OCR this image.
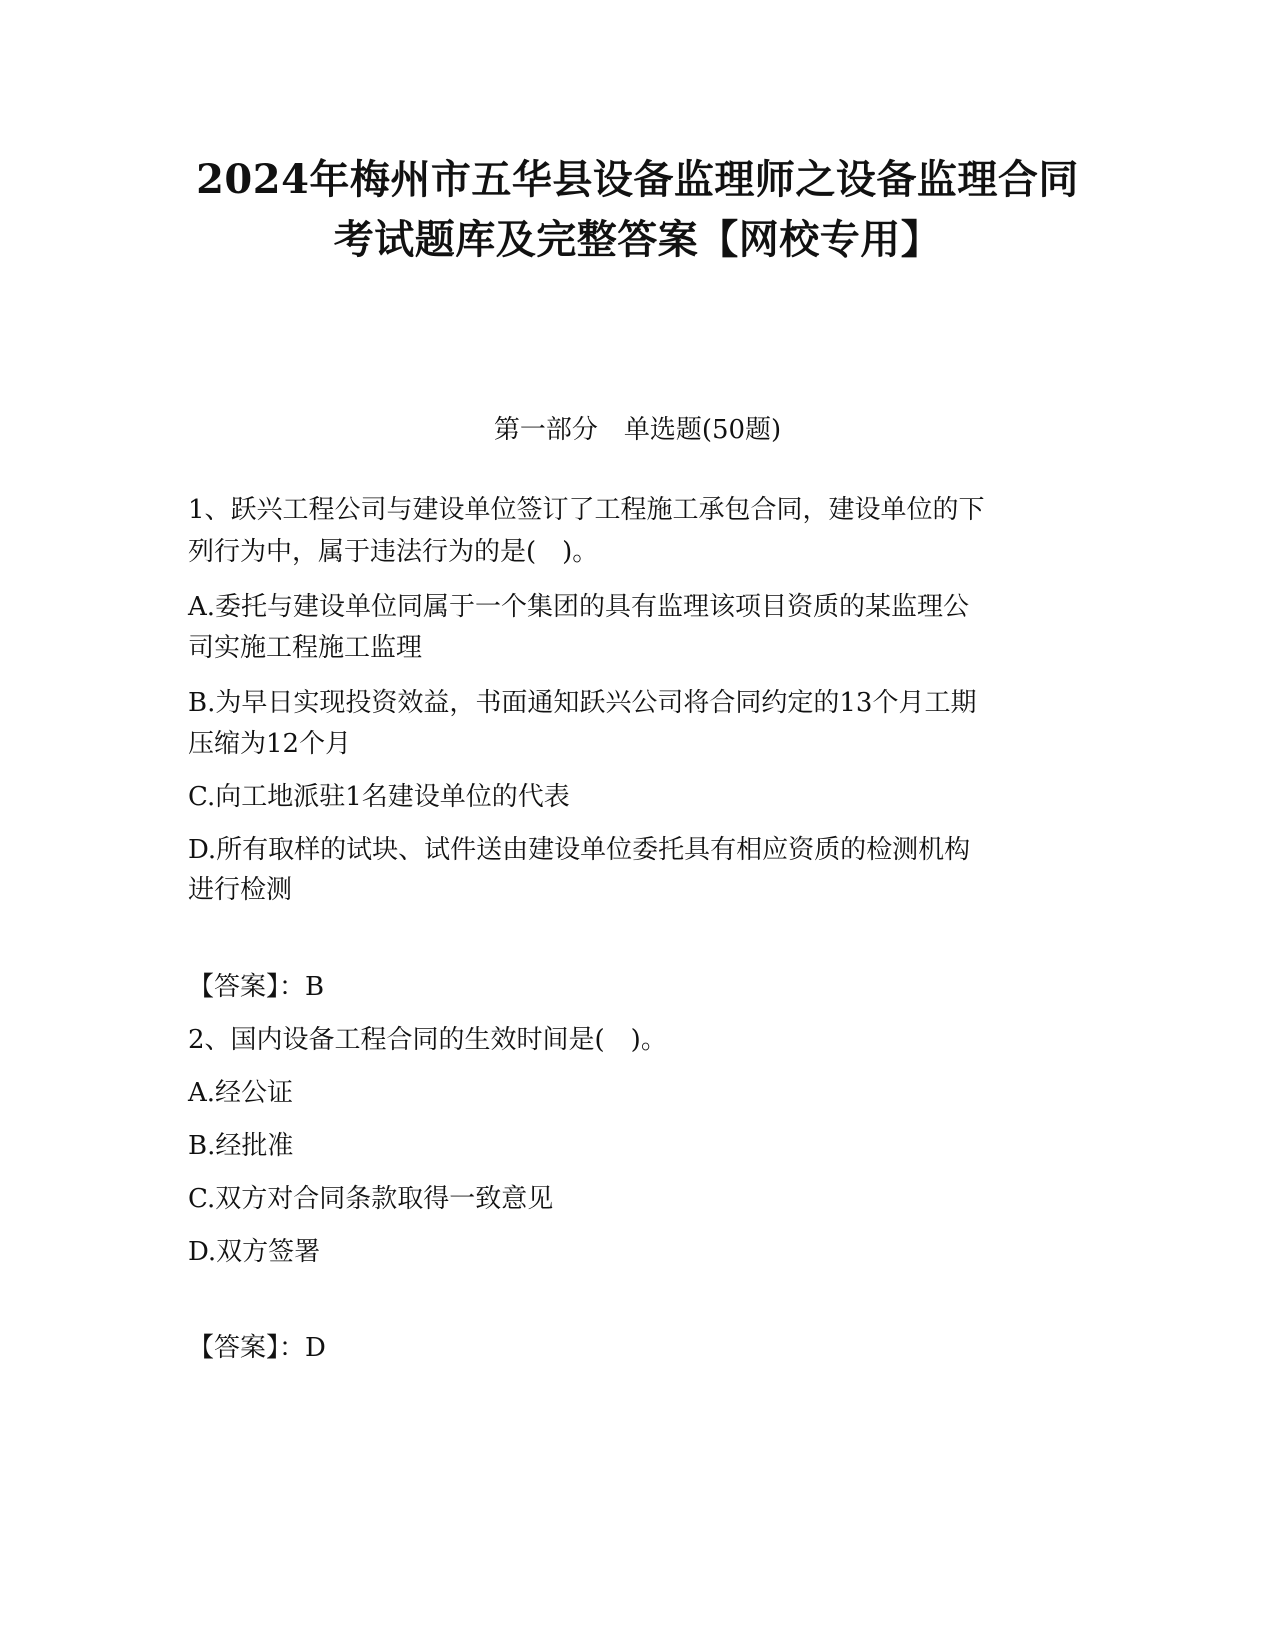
2024年梅州市五华县设备监理师之设备监理合同
考试题库及完整答案【网校专用】
第一部分　单选题(50题)
1、跃兴工程公司与建设单位签订了工程施工承包合同，建设单位的下
列行为中，属于违法行为的是(　)。
A.委托与建设单位同属于一个集团的具有监理该项目资质的某监理公
司实施工程施工监理
B.为早日实现投资效益，书面通知跃兴公司将合同约定的13个月工期
压缩为12个月
C.向工地派驻1名建设单位的代表
D.所有取样的试块、试件送由建设单位委托具有相应资质的检测机构
进行检测
【答案】：B
2、国内设备工程合同的生效时间是(　)。
A.经公证
B.经批准
C.双方对合同条款取得一致意见
D.双方签署
【答案】：D
